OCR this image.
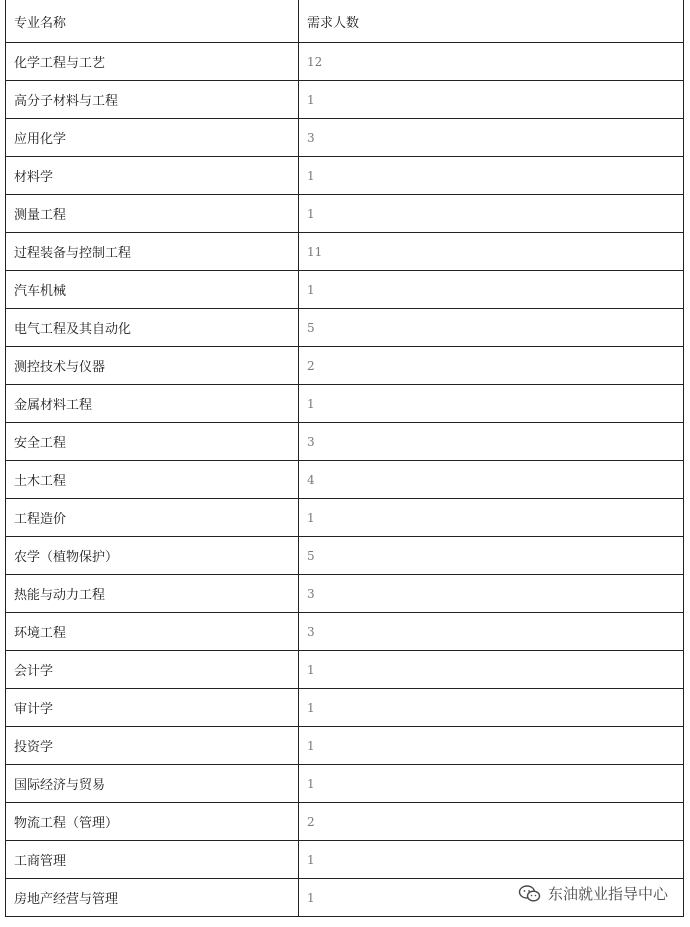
专业名称	需求人数
化学工程与工艺	12
高分子材料与工程	1
应用化学	3
材料学	1
测量工程	1
过程装备与控制工程	11
汽车机械	1
电气工程及其自动化	5
测控技术与仪器	2
金属材料工程	1
安全工程	3
土木工程	4
工程造价	1
农学（植物保护）	5
热能与动力工程	3
环境工程	3
会计学	1
审计学	1
投资学	1
国际经济与贸易	1
物流工程（管理）	2
工商管理	1
房地产经营与管理	1	东油就业指导中心
